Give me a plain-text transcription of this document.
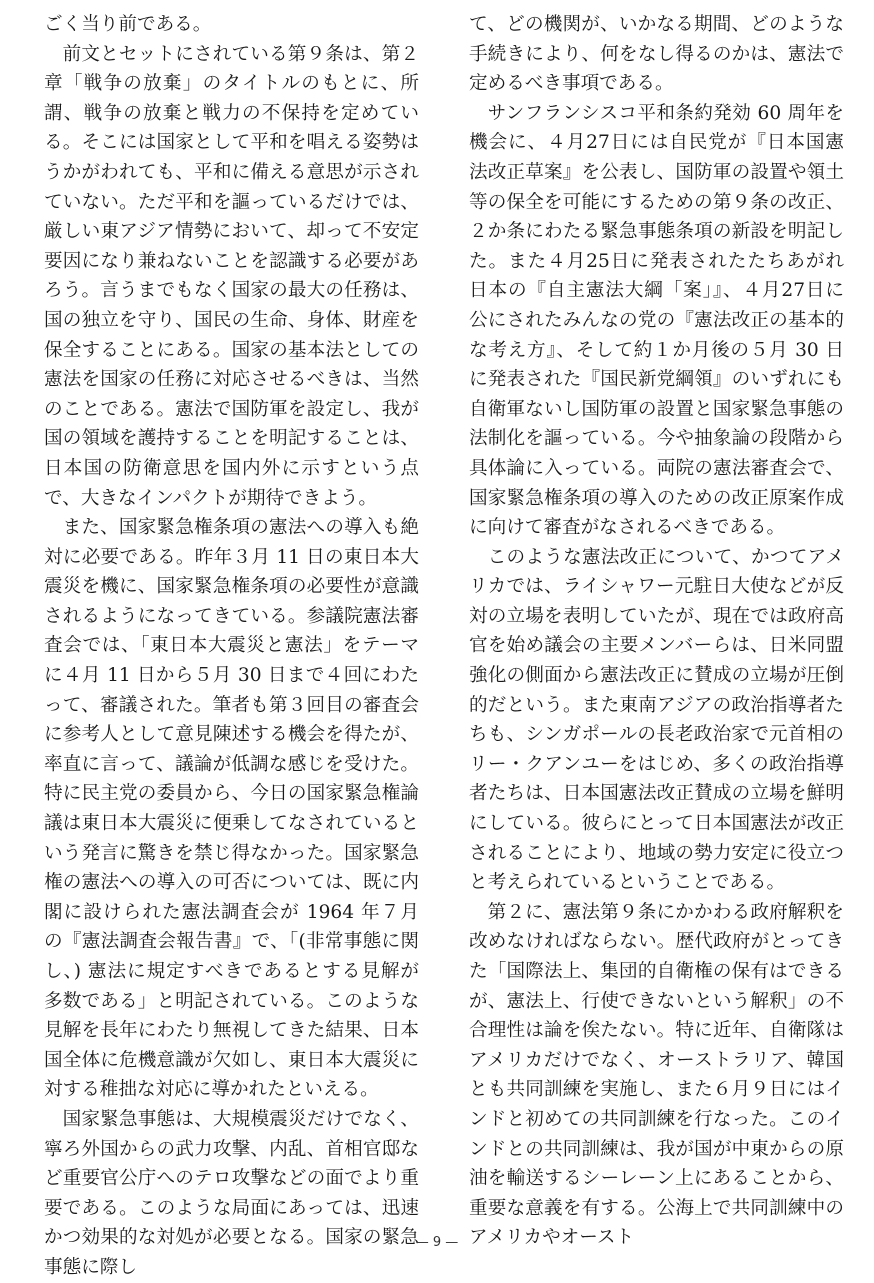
ごく当り前である。

前文とセットにされている第９条は、第２章「戦争の放棄」のタイトルのもとに、所謂、戦争の放棄と戦力の不保持を定めている。そこには国家として平和を唱える姿勢はうかがわれても、平和に備える意思が示されていない。ただ平和を謳っているだけでは、厳しい東アジア情勢において、却って不安定要因になり兼ねないことを認識する必要があろう。言うまでもなく国家の最大の任務は、国の独立を守り、国民の生命、身体、財産を保全することにある。国家の基本法としての憲法を国家の任務に対応させるべきは、当然のことである。憲法で国防軍を設定し、我が国の領域を護持することを明記することは、日本国の防衛意思を国内外に示すという点で、大きなインパクトが期待できよう。

また、国家緊急権条項の憲法への導入も絶対に必要である。昨年３月 11 日の東日本大震災を機に、国家緊急権条項の必要性が意識されるようになってきている。参議院憲法審査会では、「東日本大震災と憲法」をテーマに４月 11 日から５月 30 日まで４回にわたって、審議された。筆者も第３回目の審査会に参考人として意見陳述する機会を得たが、率直に言って、議論が低調な感じを受けた。特に民主党の委員から、今日の国家緊急権論議は東日本大震災に便乗してなされているという発言に驚きを禁じ得なかった。国家緊急権の憲法への導入の可否については、既に内閣に設けられた憲法調査会が 1964 年７月の『憲法調査会報告書』で、「(非常事態に関し、) 憲法に規定すべきであるとする見解が多数である」と明記されている。このような見解を長年にわたり無視してきた結果、日本国全体に危機意識が欠如し、東日本大震災に対する稚拙な対応に導かれたといえる。

国家緊急事態は、大規模震災だけでなく、寧ろ外国からの武力攻撃、内乱、首相官邸など重要官公庁へのテロ攻撃などの面でより重要である。このような局面にあっては、迅速かつ効果的な対処が必要となる。国家の緊急事態に際し

て、どの機関が、いかなる期間、どのような手続きにより、何をなし得るのかは、憲法で定めるべき事項である。

サンフランシスコ平和条約発効 60 周年を機会に、４月27日には自民党が『日本国憲法改正草案』を公表し、国防軍の設置や領土等の保全を可能にするための第９条の改正、２か条にわたる緊急事態条項の新設を明記した。また４月25日に発表されたたちあがれ日本の『自主憲法大綱「案」』、４月27日に公にされたみんなの党の『憲法改正の基本的な考え方』、そして約１か月後の５月 30 日に発表された『国民新党綱領』のいずれにも自衛軍ないし国防軍の設置と国家緊急事態の法制化を謳っている。今や抽象論の段階から具体論に入っている。両院の憲法審査会で、国家緊急権条項の導入のための改正原案作成に向けて審査がなされるべきである。

このような憲法改正について、かつてアメリカでは、ライシャワー元駐日大使などが反対の立場を表明していたが、現在では政府高官を始め議会の主要メンバーらは、日米同盟強化の側面から憲法改正に賛成の立場が圧倒的だという。また東南アジアの政治指導者たちも、シンガポールの長老政治家で元首相のリー・クアンユーをはじめ、多くの政治指導者たちは、日本国憲法改正賛成の立場を鮮明にしている。彼らにとって日本国憲法が改正されることにより、地域の勢力安定に役立つと考えられているということである。

第２に、憲法第９条にかかわる政府解釈を改めなければならない。歴代政府がとってきた「国際法上、集団的自衛権の保有はできるが、憲法上、行使できないという解釈」の不合理性は論を俟たない。特に近年、自衛隊はアメリカだけでなく、オーストラリア、韓国とも共同訓練を実施し、また６月９日にはインドと初めての共同訓練を行なった。このインドとの共同訓練は、我が国が中東からの原油を輸送するシーレーン上にあることから、重要な意義を有する。公海上で共同訓練中のアメリカやオースト

— 9 —
